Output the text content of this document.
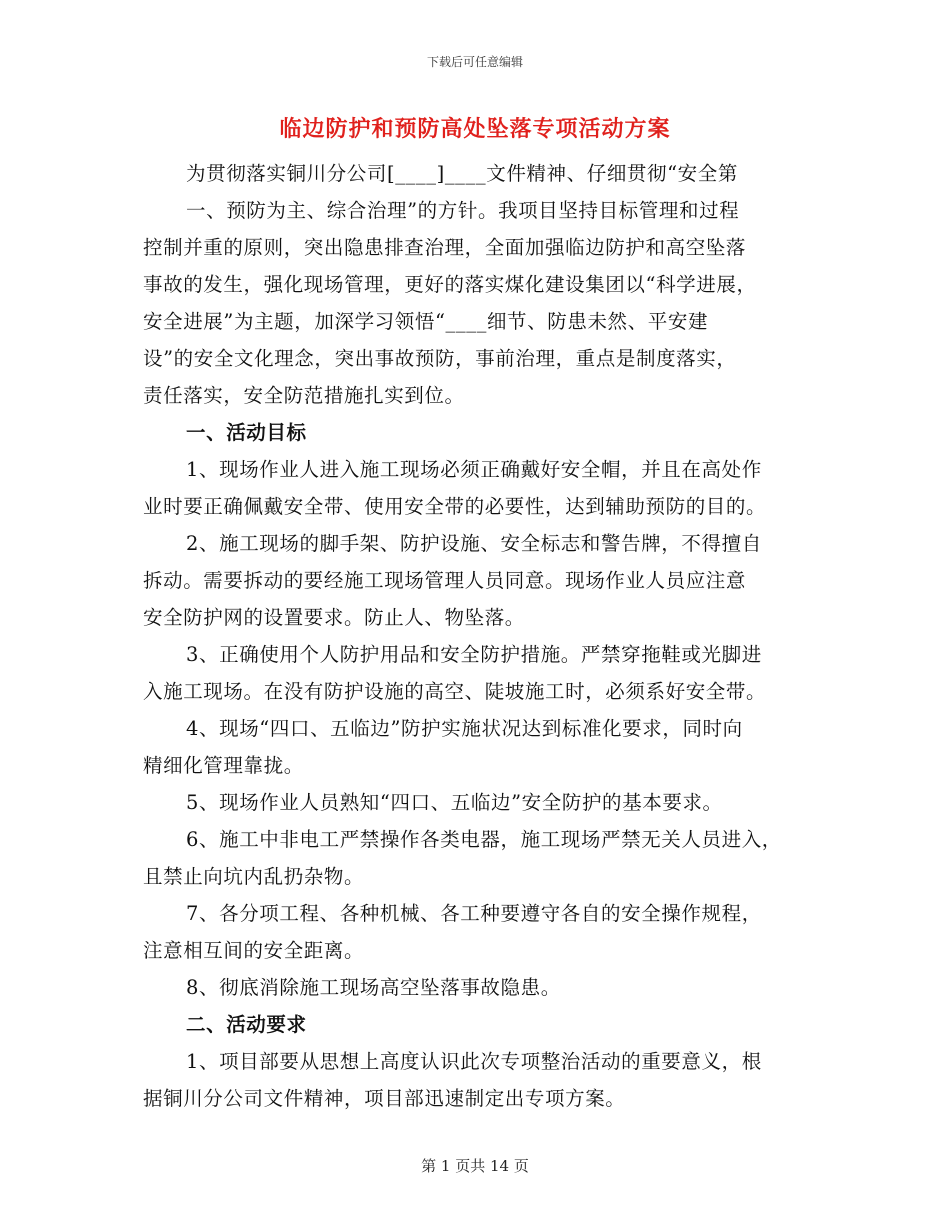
下载后可任意编辑
临边防护和预防高处坠落专项活动方案
为贯彻落实铜川分公司[____]____文件精神、仔细贯彻“安全第
一、预防为主、综合治理”的方针。我项目坚持目标管理和过程
控制并重的原则，突出隐患排查治理，全面加强临边防护和高空坠落
事故的发生，强化现场管理，更好的落实煤化建设集团以“科学进展，
安全进展”为主题，加深学习领悟“____细节、防患未然、平安建
设”的安全文化理念，突出事故预防，事前治理，重点是制度落实，
责任落实，安全防范措施扎实到位。
一、活动目标
1、现场作业人进入施工现场必须正确戴好安全帽，并且在高处作
业时要正确佩戴安全带、使用安全带的必要性，达到辅助预防的目的。
2、施工现场的脚手架、防护设施、安全标志和警告牌，不得擅自
拆动。需要拆动的要经施工现场管理人员同意。现场作业人员应注意
安全防护网的设置要求。防止人、物坠落。
3、正确使用个人防护用品和安全防护措施。严禁穿拖鞋或光脚进
入施工现场。在没有防护设施的高空、陡坡施工时，必须系好安全带。
4、现场“四口、五临边”防护实施状况达到标准化要求，同时向
精细化管理靠拢。
5、现场作业人员熟知“四口、五临边”安全防护的基本要求。
6、施工中非电工严禁操作各类电器，施工现场严禁无关人员进入，
且禁止向坑内乱扔杂物。
7、各分项工程、各种机械、各工种要遵守各自的安全操作规程，
注意相互间的安全距离。
8、彻底消除施工现场高空坠落事故隐患。
二、活动要求
1、项目部要从思想上高度认识此次专项整治活动的重要意义，根
据铜川分公司文件精神，项目部迅速制定出专项方案。
第 1 页共 14 页
